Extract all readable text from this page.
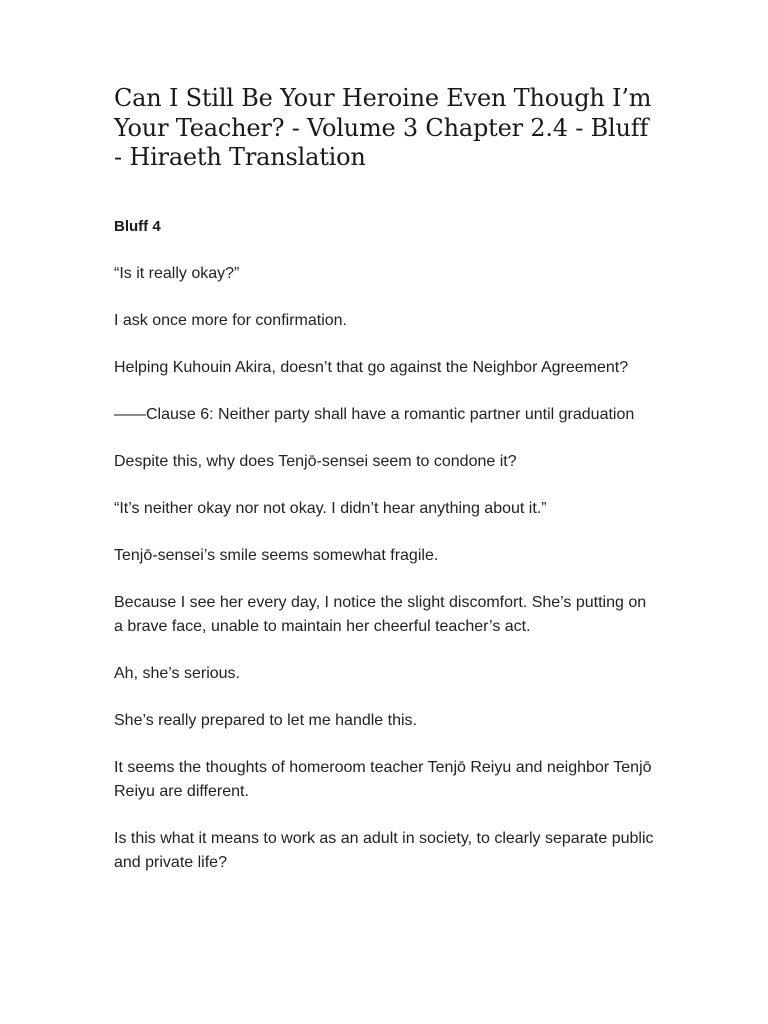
Can I Still Be Your Heroine Even Though I’m Your Teacher? - Volume 3 Chapter 2.4 - Bluff - Hiraeth Translation
Bluff 4

“Is it really okay?”

I ask once more for confirmation.

Helping Kuhouin Akira, doesn’t that go against the Neighbor Agreement?

——Clause 6: Neither party shall have a romantic partner until graduation

Despite this, why does Tenjō-sensei seem to condone it?

“It’s neither okay nor not okay. I didn’t hear anything about it.”

Tenjō-sensei’s smile seems somewhat fragile.

Because I see her every day, I notice the slight discomfort. She’s putting on a brave face, unable to maintain her cheerful teacher’s act.

Ah, she’s serious.

She’s really prepared to let me handle this.

It seems the thoughts of homeroom teacher Tenjō Reiyu and neighbor Tenjō Reiyu are different.

Is this what it means to work as an adult in society, to clearly separate public and private life?
